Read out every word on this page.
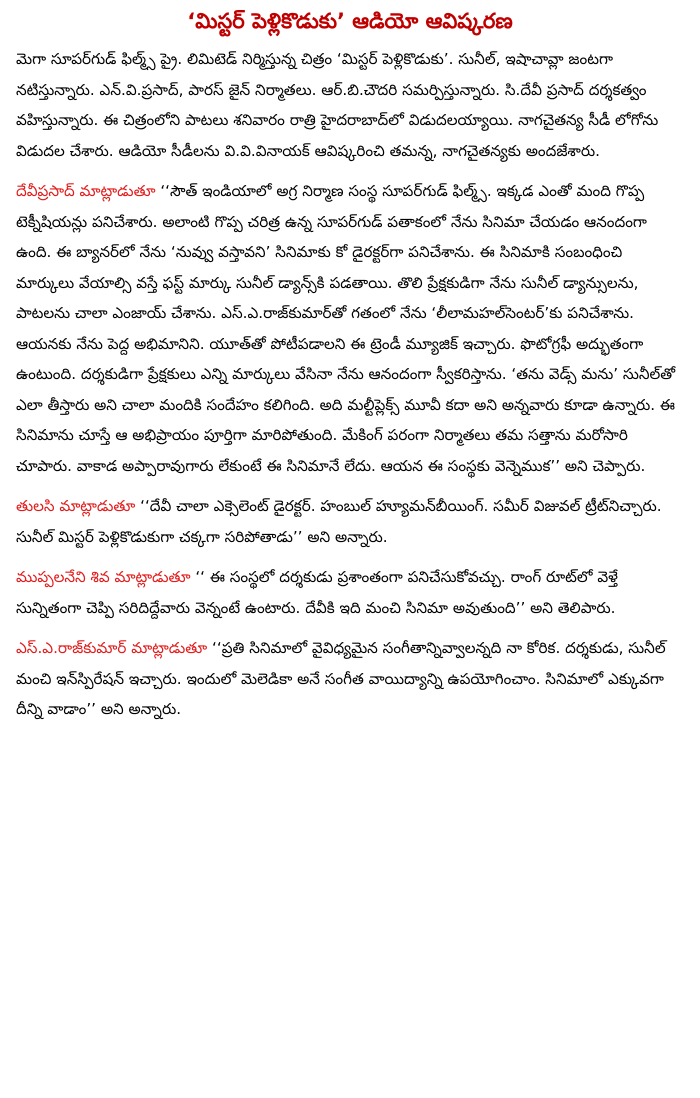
‘మిస్టర్ పెళ్లికొడుకు’ ఆడియో ఆవిష్కరణ

మెగా సూపర్‌గుడ్ ఫిల్మ్స్ ప్రై. లిమిటెడ్ నిర్మిస్తున్న చిత్రం ‘మిస్టర్ పెళ్లికొడుకు’. సునీల్, ఇషాచావ్లా జంటగా నటిస్తున్నారు. ఎన్.వి.ప్రసాద్, పారస్ జైన్ నిర్మాతలు. ఆర్.బి.చౌదరి సమర్పిస్తున్నారు. సి.దేవీ ప్రసాద్ దర్శకత్వం వహిస్తున్నారు. ఈ చిత్రంలోని పాటలు శనివారం రాత్రి హైదరాబాద్‌లో విడుదలయ్యాయి. నాగచైతన్య సీడీ లోగోను విడుదల చేశారు. ఆడియో సీడీలను వి.వి.వినాయక్ ఆవిష్కరించి తమన్న, నాగచైతన్యకు అందజేశారు.

దేవీప్రసాద్ మాట్లాడుతూ ‘‘సౌత్ ఇండియాలో అగ్ర నిర్మాణ సంస్థ సూపర్‌గుడ్ ఫిల్మ్స్. ఇక్కడ ఎంతో మంది గొప్ప టెక్నీషియన్లు పనిచేశారు. అలాంటి గొప్ప చరిత్ర ఉన్న సూపర్‌గుడ్ పతాకంలో నేను సినిమా చేయడం ఆనందంగా ఉంది. ఈ బ్యానర్‌లో నేను ‘నువ్వు వస్తావని’ సినిమాకు కో డైరక్టర్‌గా పనిచేశాను. ఈ సినిమాకి సంబంధించి మార్కులు వేయాల్సి వస్తే ఫస్ట్ మార్కు సునీల్ డ్యాన్స్‌కి పడతాయి. తొలి ప్రేక్షకుడిగా నేను సునీల్ డ్యాన్సులను, పాటలను చాలా ఎంజాయ్ చేశాను. ఎస్.ఎ.రాజ్‌కుమార్‌తో గతంలో నేను ‘లీలామహల్‌సెంటర్’కు పనిచేశాను. ఆయనకు నేను పెద్ద అభిమానిని. యూత్‌తో పోటీపడాలని ఈ ట్రెండీ మ్యూజిక్ ఇచ్చారు. ఫొటోగ్రఫీ అద్భుతంగా ఉంటుంది. దర్శకుడిగా ప్రేక్షకులు ఎన్ని మార్కులు వేసినా నేను ఆనందంగా స్వీకరిస్తాను. ‘తను వెడ్స్ మను’ సునీల్‌తో ఎలా తీస్తారు అని చాలా మందికి సందేహం కలిగింది. అది మల్టీప్లెక్స్ మూవీ కదా అని అన్నవారు కూడా ఉన్నారు. ఈ సినిమాను చూస్తే ఆ అభిప్రాయం పూర్తిగా మారిపోతుంది. మేకింగ్ పరంగా నిర్మాతలు తమ సత్తాను మరోసారి చూపారు. వాకాడ అప్పారావుగారు లేకుంటే ఈ సినిమానే లేదు. ఆయన ఈ సంస్థకు వెన్నెముక’’ అని చెప్పారు.

తులసి మాట్లాడుతూ ‘‘దేవీ చాలా ఎక్సెలెంట్ డైరక్టర్. హంబుల్ హ్యూమన్‌బీయింగ్. సమీర్ విజువల్ ట్రీట్‌నిచ్చారు. సునీల్ మిస్టర్ పెళ్లికొడుకుగా చక్కగా సరిపోతాడు’’ అని అన్నారు.

ముప్పలనేని శివ మాట్లాడుతూ ‘‘ ఈ సంస్థలో దర్శకుడు ప్రశాంతంగా పనిచేసుకోవచ్చు. రాంగ్ రూట్‌లో వెళ్తే సున్నితంగా చెప్పి సరిదిద్దేవారు వెన్నంటే ఉంటారు. దేవీకి ఇది మంచి సినిమా అవుతుంది’’ అని తెలిపారు.

ఎస్.ఎ.రాజ్‌కుమార్ మాట్లాడుతూ ‘‘ప్రతి సినిమాలో వైవిధ్యమైన సంగీతాన్నివ్వాలన్నది నా కోరిక. దర్శకుడు, సునీల్ మంచి ఇన్‌స్పిరేషన్ ఇచ్చారు. ఇందులో మెలెడికా అనే సంగీత వాయిద్యాన్ని ఉపయోగించాం. సినిమాలో ఎక్కువగా దీన్ని వాడాం’’ అని అన్నారు.
